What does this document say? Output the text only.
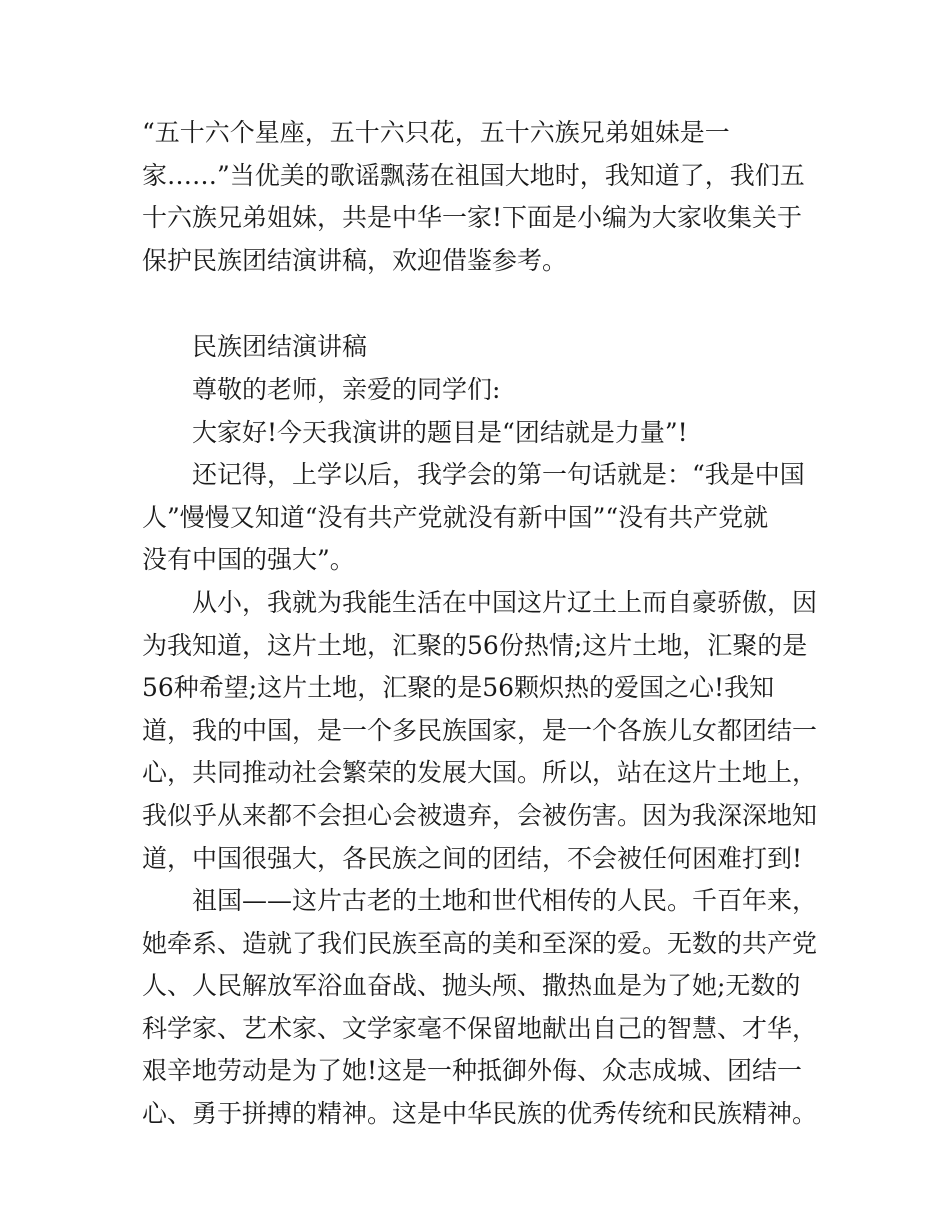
“五十六个星座，五十六只花，五十六族兄弟姐妹是一
家……”当优美的歌谣飘荡在祖国大地时，我知道了，我们五
十六族兄弟姐妹，共是中华一家!下面是小编为大家收集关于
保护民族团结演讲稿，欢迎借鉴参考。
民族团结演讲稿
尊敬的老师，亲爱的同学们:
大家好!今天我演讲的题目是“团结就是力量”!
还记得，上学以后，我学会的第一句话就是：“我是中国
人”慢慢又知道“没有共产党就没有新中国”“没有共产党就
没有中国的强大”。
从小，我就为我能生活在中国这片辽土上而自豪骄傲，因
为我知道，这片土地，汇聚的56份热情;这片土地，汇聚的是
56种希望;这片土地，汇聚的是56颗炽热的爱国之心!我知
道，我的中国，是一个多民族国家，是一个各族儿女都团结一
心，共同推动社会繁荣的发展大国。所以，站在这片土地上，
我似乎从来都不会担心会被遗弃，会被伤害。因为我深深地知
道，中国很强大，各民族之间的团结，不会被任何困难打到!
祖国——这片古老的土地和世代相传的人民。千百年来，
她牵系、造就了我们民族至高的美和至深的爱。无数的共产党
人、人民解放军浴血奋战、抛头颅、撒热血是为了她;无数的
科学家、艺术家、文学家毫不保留地献出自己的智慧、才华，
艰辛地劳动是为了她!这是一种抵御外侮、众志成城、团结一
心、勇于拼搏的精神。这是中华民族的优秀传统和民族精神。
